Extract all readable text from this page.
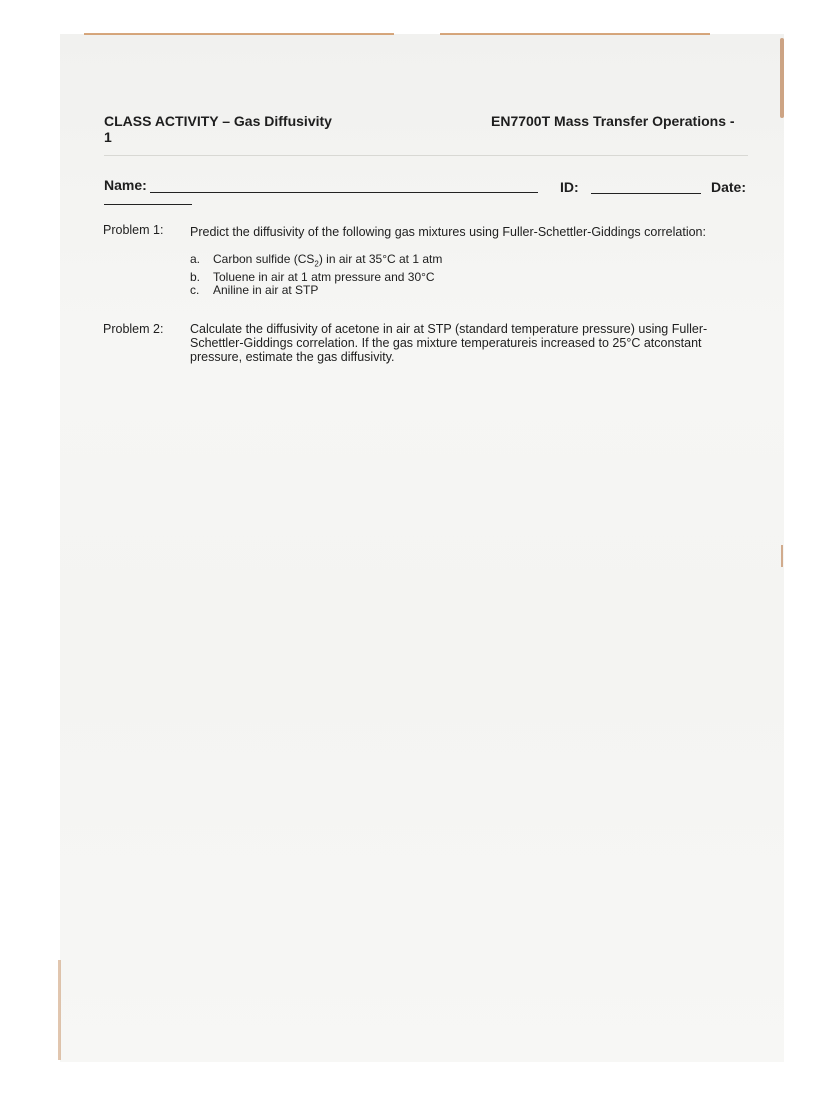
CLASS ACTIVITY – Gas Diffusivity
1
EN7700T Mass Transfer Operations -
Name:	ID:	Date:
Problem 1: Predict the diffusivity of the following gas mixtures using Fuller-Schettler-Giddings correlation:
a.	Carbon sulfide $(CS_2)$ in air at 35°C at 1 atm
b.	Toluene in air at 1 atm pressure and 30°C
c.	Aniline in air at STP
Problem 2: Calculate the diffusivity of acetone in air at STP (standard temperature pressure) using Fuller-Schettler-Giddings correlation. If the gas mixture temperatureis increased to 25°C atconstant pressure, estimate the gas diffusivity.
